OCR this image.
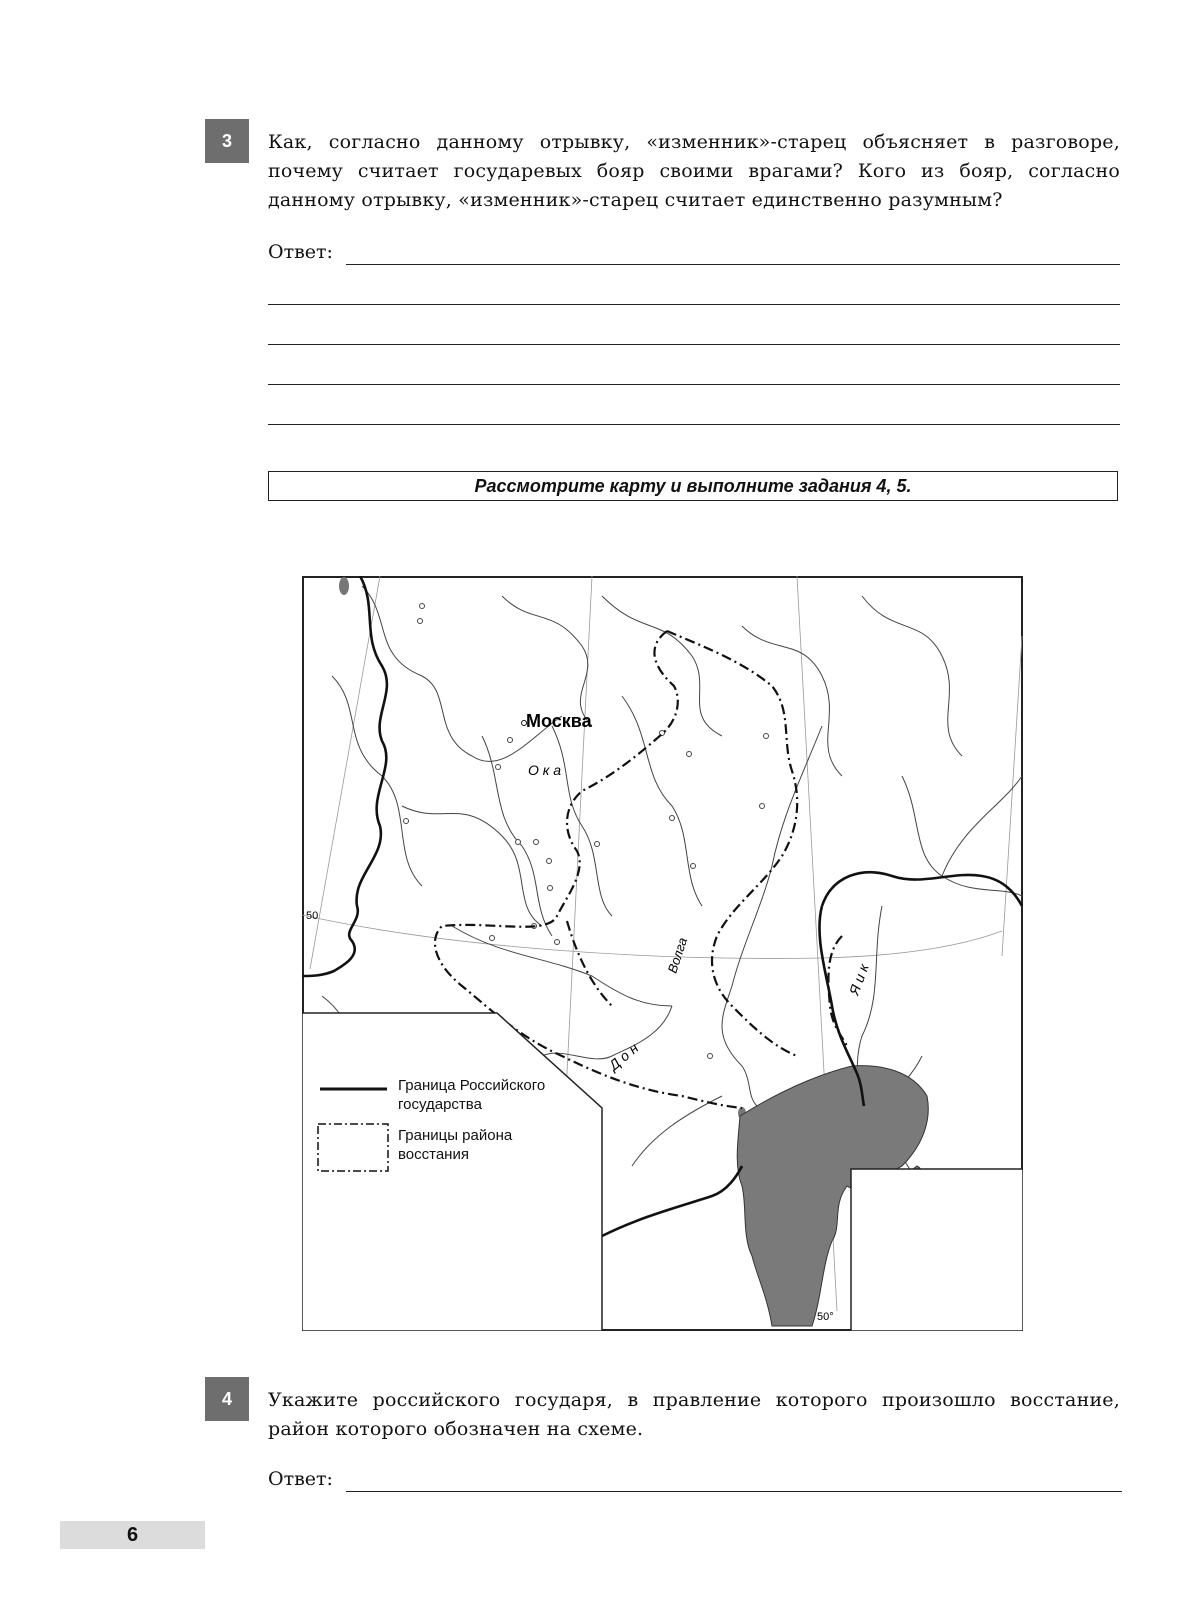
3	Как, согласно данному отрывку, «изменник»-старец объясняет в разговоре, почему считает государевых бояр своими врагами? Кого из бояр, согласно данному отрывку, «изменник»-старец считает единственно разумным?
Ответ:
Рассмотрите карту и выполните задания 4, 5.
Москва
О к а
Волга
Д о н
Я и к
50
50°
Граница Российского государства
Границы района восстания
4	Укажите российского государя, в правление которого произошло восстание, район которого обозначен на схеме.
Ответ:
6
